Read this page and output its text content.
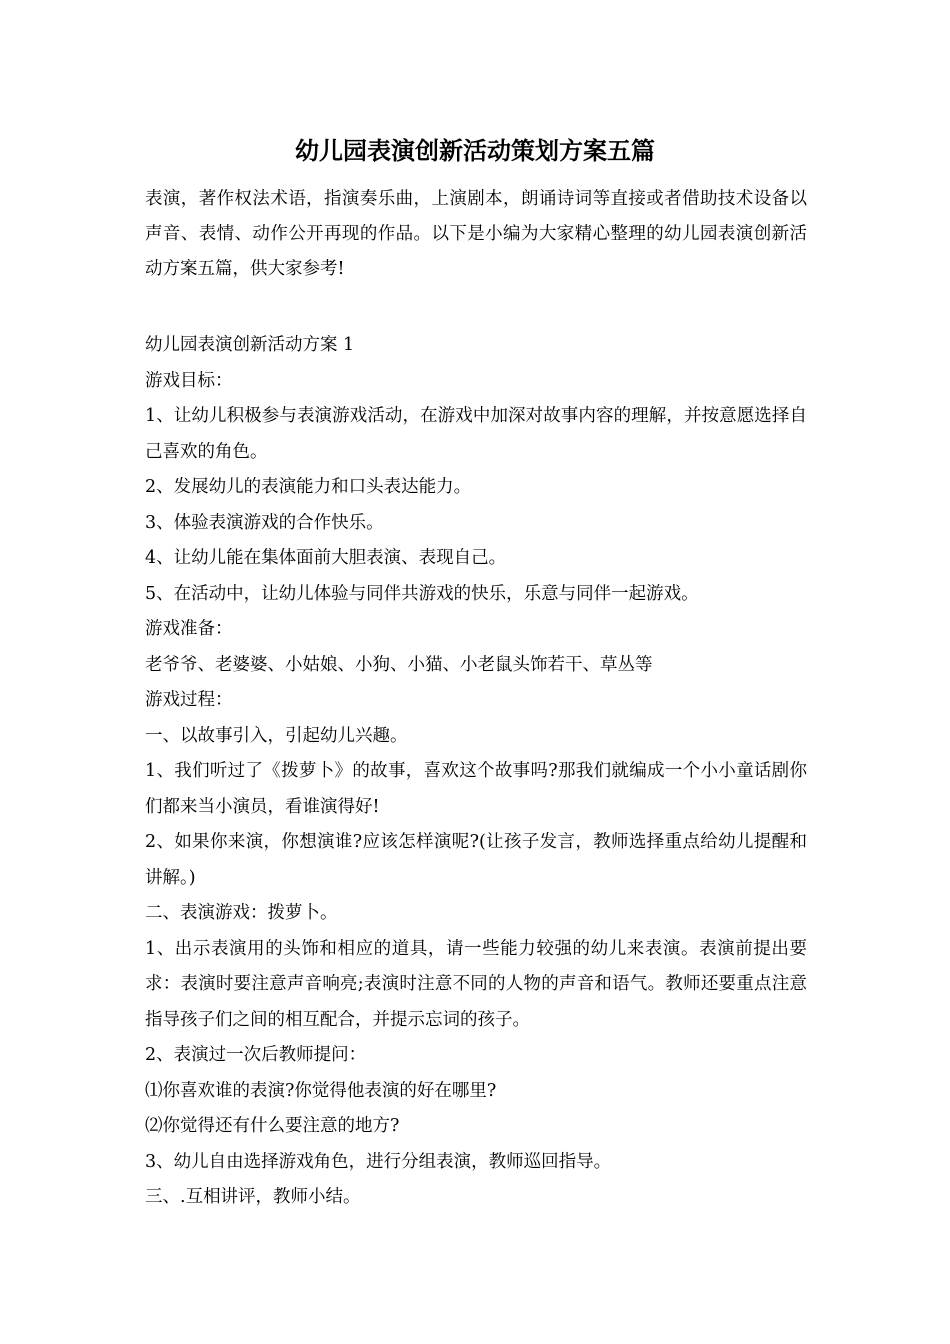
幼儿园表演创新活动策划方案五篇

表演，著作权法术语，指演奏乐曲，上演剧本，朗诵诗词等直接或者借助技术设备以声音、表情、动作公开再现的作品。以下是小编为大家精心整理的幼儿园表演创新活动方案五篇，供大家参考!

幼儿园表演创新活动方案 1

游戏目标：

1、让幼儿积极参与表演游戏活动，在游戏中加深对故事内容的理解，并按意愿选择自己喜欢的角色。

2、发展幼儿的表演能力和口头表达能力。

3、体验表演游戏的合作快乐。

4、让幼儿能在集体面前大胆表演、表现自己。

5、在活动中，让幼儿体验与同伴共游戏的快乐，乐意与同伴一起游戏。

游戏准备：

老爷爷、老婆婆、小姑娘、小狗、小猫、小老鼠头饰若干、草丛等

游戏过程：

一、以故事引入，引起幼儿兴趣。

1、我们听过了《拨萝卜》的故事，喜欢这个故事吗?那我们就编成一个小小童话剧你们都来当小演员，看谁演得好!

2、如果你来演，你想演谁?应该怎样演呢?(让孩子发言，教师选择重点给幼儿提醒和讲解。)

二、表演游戏：拨萝卜。

1、出示表演用的头饰和相应的道具，请一些能力较强的幼儿来表演。表演前提出要求：表演时要注意声音响亮;表演时注意不同的人物的声音和语气。教师还要重点注意指导孩子们之间的相互配合，并提示忘词的孩子。

2、表演过一次后教师提问：

⑴你喜欢谁的表演?你觉得他表演的好在哪里?

⑵你觉得还有什么要注意的地方?

3、幼儿自由选择游戏角色，进行分组表演，教师巡回指导。

三、.互相讲评，教师小结。
